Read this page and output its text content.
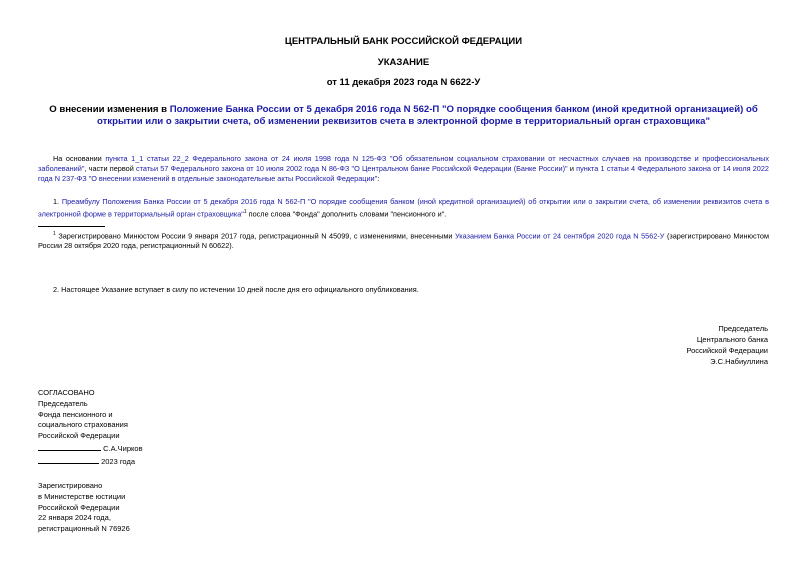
ЦЕНТРАЛЬНЫЙ БАНК РОССИЙСКОЙ ФЕДЕРАЦИИ
УКАЗАНИЕ
от 11 декабря 2023 года N 6622-У
О внесении изменения в Положение Банка России от 5 декабря 2016 года N 562-П "О порядке сообщения банком (иной кредитной организацией) об открытии или о закрытии счета, об изменении реквизитов счета в электронной форме в территориальный орган страховщика"
На основании пункта 1_1 статьи 22_2 Федерального закона от 24 июля 1998 года N 125-ФЗ "Об обязательном социальном страховании от несчастных случаев на производстве и профессиональных заболеваний", части первой статьи 57 Федерального закона от 10 июля 2002 года N 86-ФЗ "О Центральном банке Российской Федерации (Банке России)" и пункта 1 статьи 4 Федерального закона от 14 июля 2022 года N 237-ФЗ "О внесении изменений в отдельные законодательные акты Российской Федерации":
1. Преамбулу Положения Банка России от 5 декабря 2016 года N 562-П "О порядке сообщения банком (иной кредитной организацией) об открытии или о закрытии счета, об изменении реквизитов счета в электронной форме в территориальный орган страховщика"$^1$ после слова "Фонда" дополнить словами "пенсионного и".
$^1$ Зарегистрировано Минюстом России 9 января 2017 года, регистрационный N 45099, с изменениями, внесенными Указанием Банка России от 24 сентября 2020 года N 5562-У (зарегистрировано Минюстом России 28 октября 2020 года, регистрационный N 60622).
2. Настоящее Указание вступает в силу по истечении 10 дней после дня его официального опубликования.
Председатель
Центрального банка
Российской Федерации
Э.С.Набиуллина
СОГЛАСОВАНО
Председатель
Фонда пенсионного и
социального страхования
Российской Федерации
С.А.Чирков
2023 года
Зарегистрировано
в Министерстве юстиции
Российской Федерации
22 января 2024 года,
регистрационный N 76926
